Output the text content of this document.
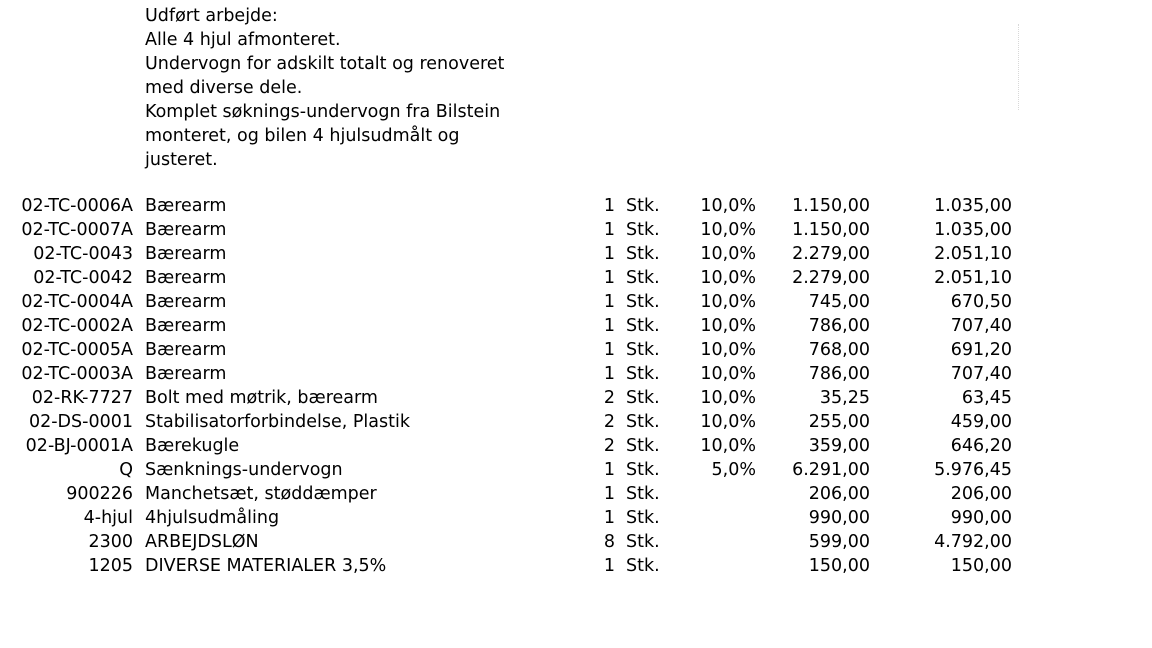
Udført arbejde:
Alle 4 hjul afmonteret.
Undervogn for adskilt totalt og renoveret
med diverse dele.
Komplet søknings-undervogn fra Bilstein
monteret, og bilen 4 hjulsudmålt og
justeret.
02-TC-0006A Bærearm	1 Stk. 10,0% 1.150,00	1.035,00
02-TC-0007A Bærearm	1 Stk. 10,0% 1.150,00	1.035,00
02-TC-0043 Bærearm	1 Stk. 10,0% 2.279,00	2.051,10
02-TC-0042 Bærearm	1 Stk. 10,0% 2.279,00	2.051,10
02-TC-0004A Bærearm	1 Stk. 10,0%	745,00	670,50
02-TC-0002A Bærearm	1 Stk. 10,0%	786,00	707,40
02-TC-0005A Bærearm	1 Stk. 10,0%	768,00	691,20
02-TC-0003A Bærearm	1 Stk. 10,0%	786,00	707,40
02-RK-7727 Bolt med møtrik, bærearm	2 Stk. 10,0%	35,25	63,45
02-DS-0001 Stabilisatorforbindelse, Plastik	2 Stk. 10,0%	255,00	459,00
02-BJ-0001A Bærekugle	2 Stk. 10,0%	359,00	646,20
Q Sænknings-undervogn	1 Stk.	5,0% 6.291,00	5.976,45
900226 Manchetsæt, støddæmper	1 Stk.	206,00	206,00
4-hjul 4hjulsudmåling	1 Stk.	990,00	990,00
2300 ARBEJDSLØN	8 Stk.	599,00	4.792,00
1205 DIVERSE MATERIALER 3,5%	1 Stk.	150,00	150,00
